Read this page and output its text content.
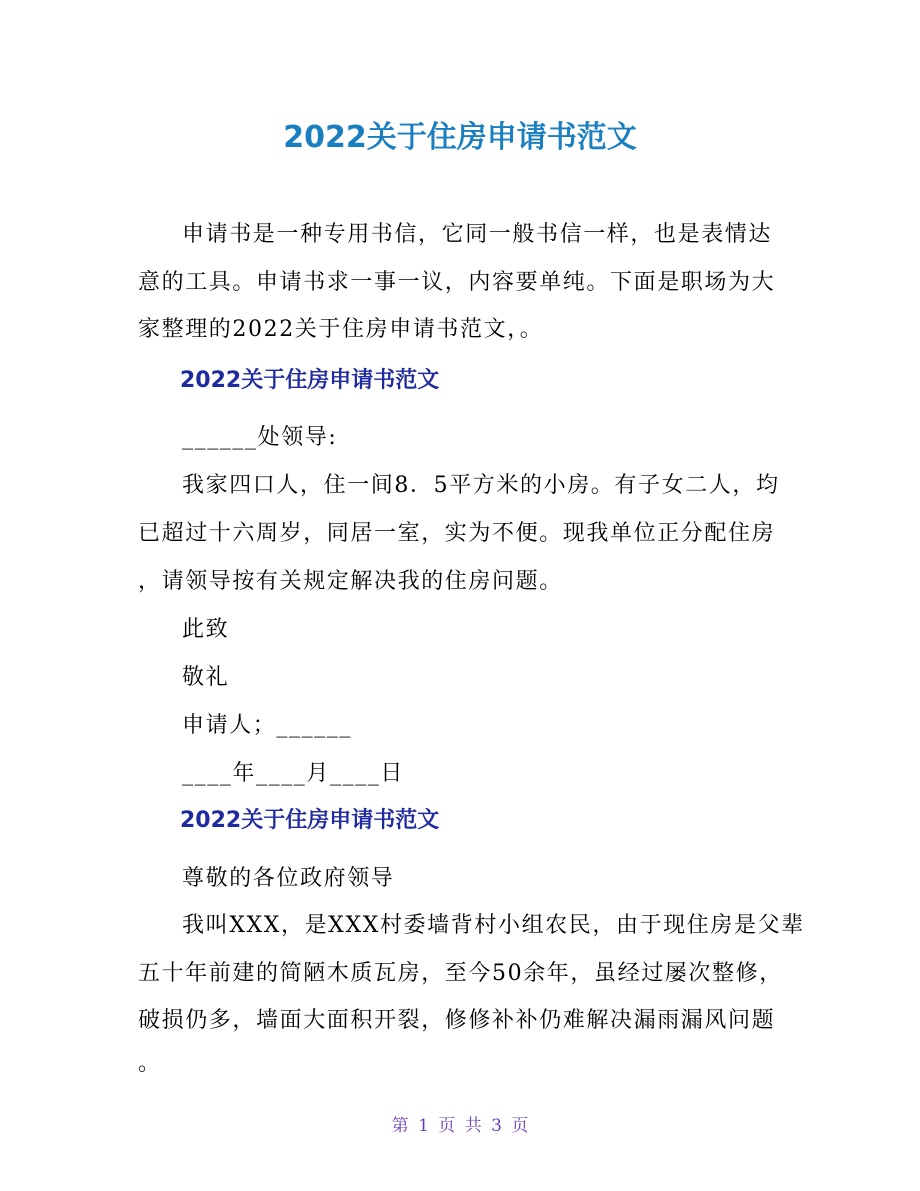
2022关于住房申请书范文
申请书是一种专用书信，它同一般书信一样，也是表情达
意的工具。申请书求一事一议，内容要单纯。下面是职场为大
家整理的2022关于住房申请书范文，。
2022关于住房申请书范文
______处领导:
我家四口人，住一间8．5平方米的小房。有子女二人，均
已超过十六周岁，同居一室，实为不便。现我单位正分配住房
，请领导按有关规定解决我的住房问题。
此致
敬礼
申请人；______
____年____月____日
2022关于住房申请书范文
尊敬的各位政府领导
我叫XXX，是XXX村委墙背村小组农民，由于现住房是父辈
五十年前建的简陋木质瓦房，至今50余年，虽经过屡次整修，
破损仍多，墙面大面积开裂，修修补补仍难解决漏雨漏风问题
。
第 1 页 共 3 页
